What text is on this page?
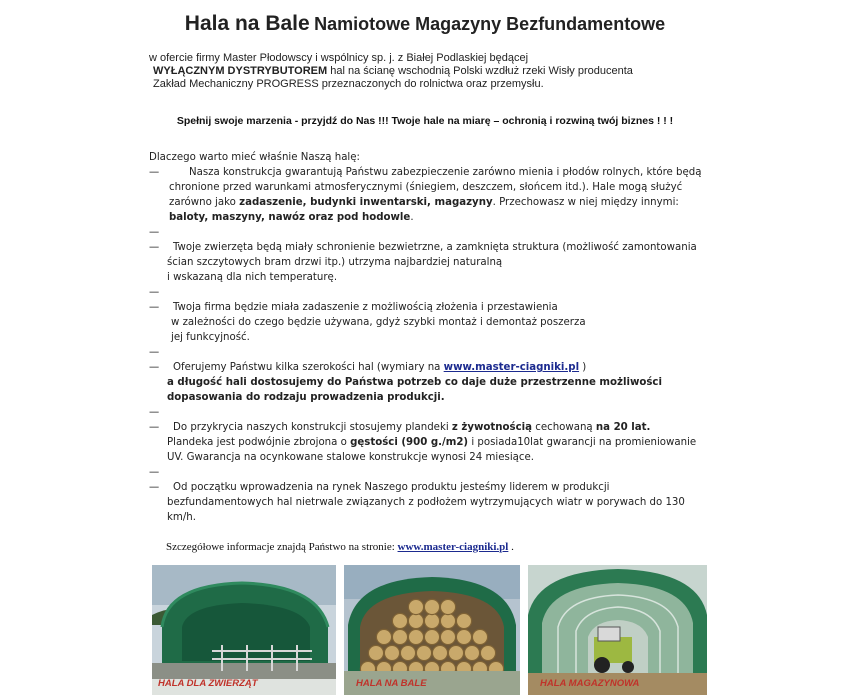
Hala na Bale Namiotowe Magazyny Bezfundamentowe
w ofercie firmy Master Płodowscy i wspólnicy sp. j. z Białej Podlaskiej będącej
WYŁĄCZNYM DYSTRYBUTOREM hal na ścianę wschodnią Polski wzdłuż rzeki Wisły producenta
Zakład Mechaniczny PROGRESS przeznaczonych do rolnictwa oraz przemysłu.
Spełnij swoje marzenia - przyjdź do Nas !!! Twoje hale na miarę – ochronią i rozwiną twój biznes ! ! !
Dlaczego warto mieć właśnie Naszą halę:
— Nasza konstrukcja gwarantują Państwu zabezpieczenie zarówno mienia i płodów rolnych, które będą
chronione przed warunkami atmosferycznymi (śniegiem, deszczem, słońcem itd.). Hale mogą służyć
zarówno jako zadaszenie, budynki inwentarski, magazyny. Przechowasz w niej między innymi:
baloty, maszyny, nawóz oraz pod hodowle.
—
— Twoje zwierzęta będą miały schronienie bezwietrzne, a zamknięta struktura (możliwość zamontowania
ścian szczytowych bram drzwi itp.) utrzyma najbardziej naturalną
i wskazaną dla nich temperaturę.
—
— Twoja firma będzie miała zadaszenie z możliwością złożenia i przestawienia
w zależności do czego będzie używana, gdyż szybki montaż i demontaż poszerza
jej funkcyjność.
—
— Oferujemy Państwu kilka szerokości hal (wymiary na www.master-ciagniki.pl )
a długość hali dostosujemy do Państwa potrzeb co daje duże przestrzenne możliwości
dopasowania do rodzaju prowadzenia produkcji.
—
— Do przykrycia naszych konstrukcji stosujemy plandeki z żywotnością cechowaną na 20 lat.
Plandeka jest podwójnie zbrojona o gęstości (900 g./m2) i posiada10lat gwarancji na promieniowanie
UV. Gwarancja na ocynkowane stalowe konstrukcje wynosi 24 miesiące.
—
— Od początku wprowadzenia na rynek Naszego produktu jesteśmy liderem w produkcji
bezfundamentowych hal nietrwale związanych z podłożem wytrzymujących wiatr w porywach do 130
km/h.
Szczegółowe informacje znajdą Państwo na stronie: www.master-ciagniki.pl .
HALA DLA ZWIERZĄT	HALA NA BALE	HALA MAGAZYNOWA
